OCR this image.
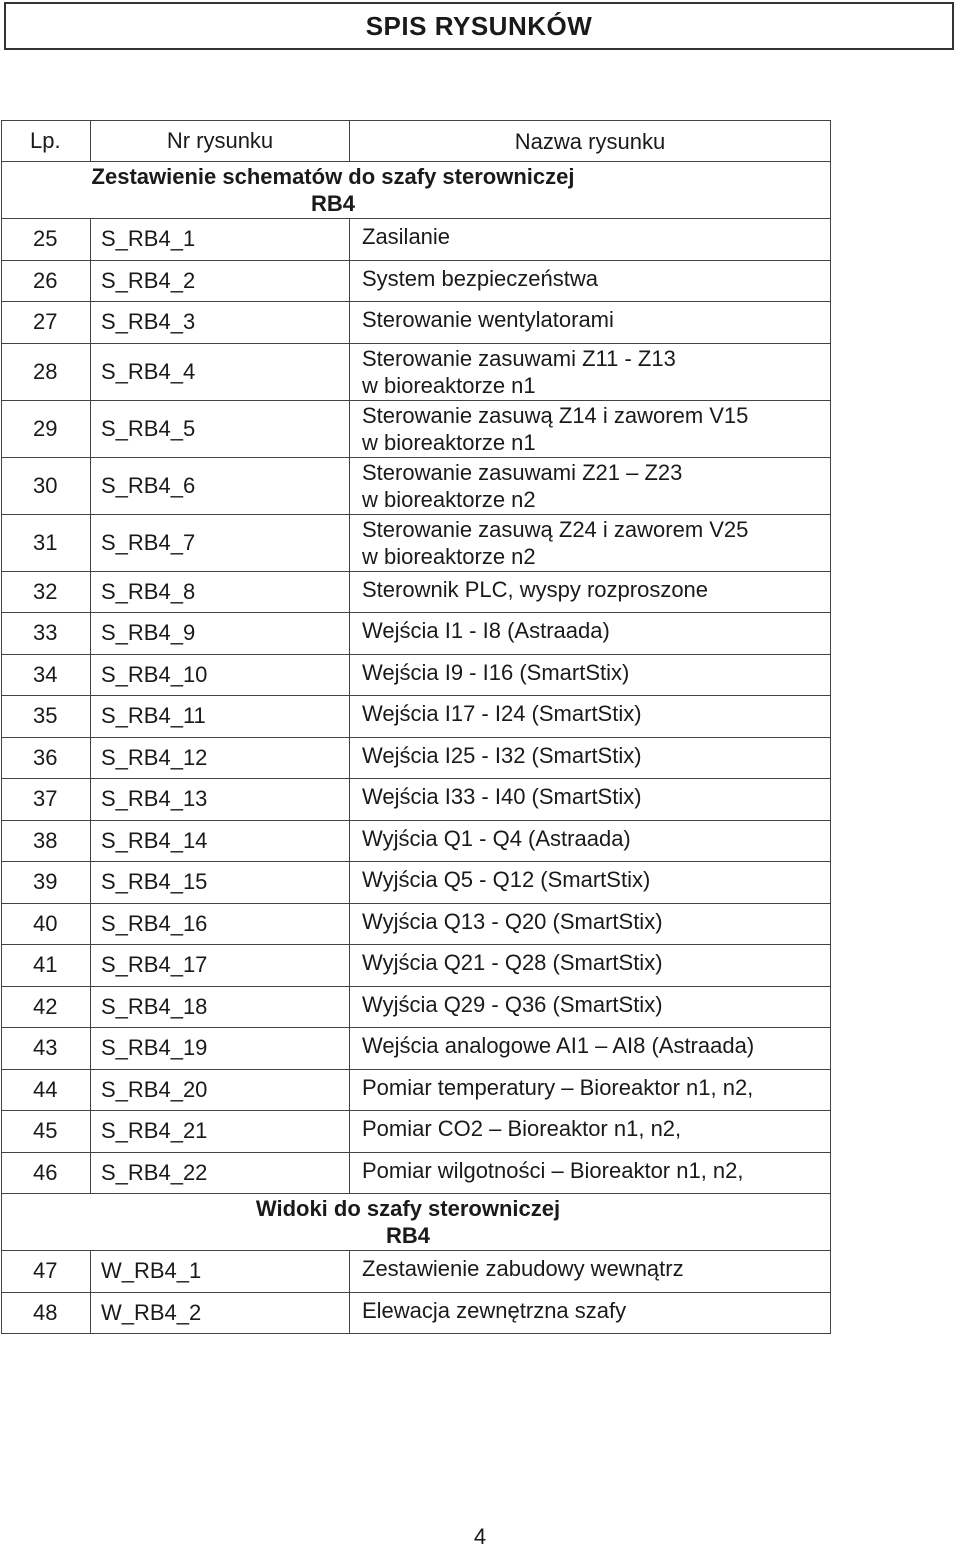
SPIS RYSUNKÓW
Lp.	Nr rysunku	Nazwa rysunku

Zestawienie schematów do szafy sterowniczej
RB4		

25	S_RB4_1	Zasilanie
26	S_RB4_2	System bezpieczeństwa
27	S_RB4_3	Sterowanie wentylatorami
28	S_RB4_4	Sterowanie zasuwami Z11 - Z13
w bioreaktorze n1

29	S_RB4_5	Sterowanie zasuwą Z14 i zaworem V15
w bioreaktorze n1

30	S_RB4_6	Sterowanie zasuwami Z21 – Z23
w bioreaktorze n2

31	S_RB4_7	Sterowanie zasuwą Z24 i zaworem V25
w bioreaktorze n2

32	S_RB4_8	Sterownik PLC, wyspy rozproszone
33	S_RB4_9	Wejścia I1 - I8 (Astraada)
34	S_RB4_10	Wejścia I9 - I16 (SmartStix)
35	S_RB4_11	Wejścia I17 - I24 (SmartStix)
36	S_RB4_12	Wejścia I25 - I32 (SmartStix)
37	S_RB4_13	Wejścia I33 - I40 (SmartStix)
38	S_RB4_14	Wyjścia Q1 - Q4 (Astraada)
39	S_RB4_15	Wyjścia Q5 - Q12 (SmartStix)
40	S_RB4_16	Wyjścia Q13 - Q20 (SmartStix)
41	S_RB4_17	Wyjścia Q21 - Q28 (SmartStix)
42	S_RB4_18	Wyjścia Q29 - Q36 (SmartStix)
43	S_RB4_19	Wejścia analogowe AI1 – AI8 (Astraada)
44	S_RB4_20	Pomiar temperatury – Bioreaktor n1, n2,
45	S_RB4_21	Pomiar CO2 – Bioreaktor n1, n2,
46	S_RB4_22	Pomiar wilgotności – Bioreaktor n1, n2,

Widoki do szafy sterowniczej
RB4		

47	W_RB4_1	Zestawienie zabudowy wewnątrz
48	W_RB4_2	Elewacja zewnętrzna szafy
4
